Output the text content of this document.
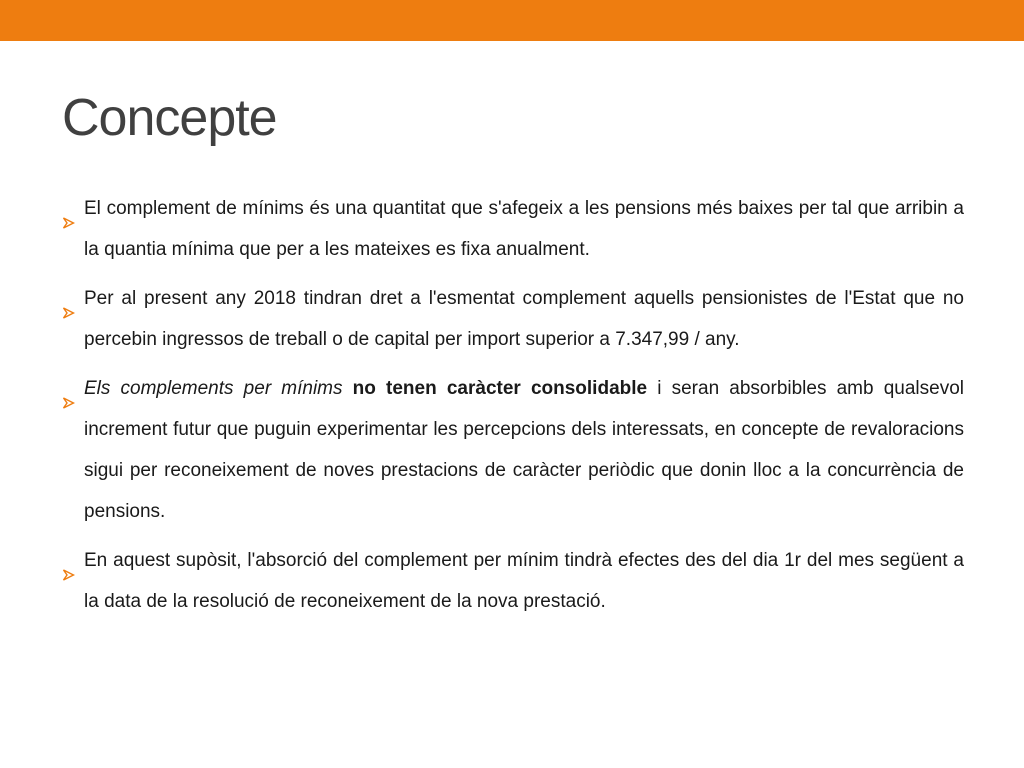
Concepte
El complement de mínims és una quantitat que s'afegeix a les pensions més baixes per tal que arribin a la quantia mínima que per a les mateixes es fixa anualment.
Per al present any 2018 tindran dret a l'esmentat complement aquells pensionistes de l'Estat que no percebin ingressos de treball o de capital per import superior a 7.347,99 / any.
Els complements per mínims no tenen caràcter consolidable i seran absorbibles amb qualsevol increment futur que puguin experimentar les percepcions dels interessats, en concepte de revaloracions sigui per reconeixement de noves prestacions de caràcter periòdic que donin lloc a la concurrència de pensions.
En aquest supòsit, l'absorció del complement per mínim tindrà efectes des del dia 1r del mes següent a la data de la resolució de reconeixement de la nova prestació.
